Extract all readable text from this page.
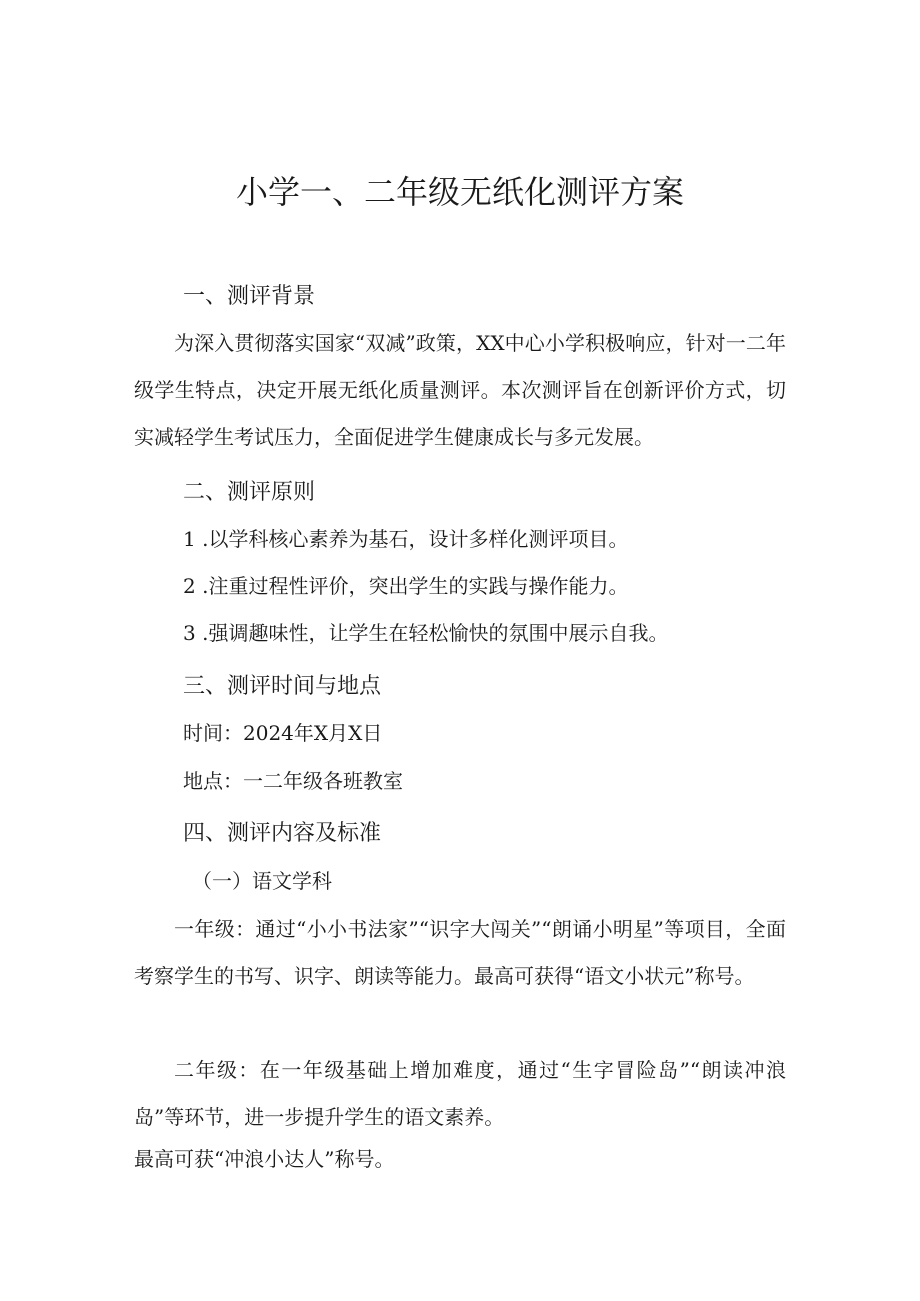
小学一、二年级无纸化测评方案
一、测评背景
为深入贯彻落实国家“双减”政策，XX中心小学积极响应，针对一二年级学生特点，决定开展无纸化质量测评。本次测评旨在创新评价方式，切实减轻学生考试压力，全面促进学生健康成长与多元发展。
二、测评原则
1 .以学科核心素养为基石，设计多样化测评项目。
2 .注重过程性评价，突出学生的实践与操作能力。
3 .强调趣味性，让学生在轻松愉快的氛围中展示自我。
三、测评时间与地点
时间：2024年X月X日
地点：一二年级各班教室
四、测评内容及标准
（一）语文学科
一年级：通过“小小书法家”“识字大闯关”“朗诵小明星”等项目，全面考察学生的书写、识字、朗读等能力。最高可获得“语文小状元”称号。
二年级：在一年级基础上增加难度，通过“生字冒险岛”“朗读冲浪岛”等环节，进一步提升学生的语文素养。
最高可获“冲浪小达人”称号。
